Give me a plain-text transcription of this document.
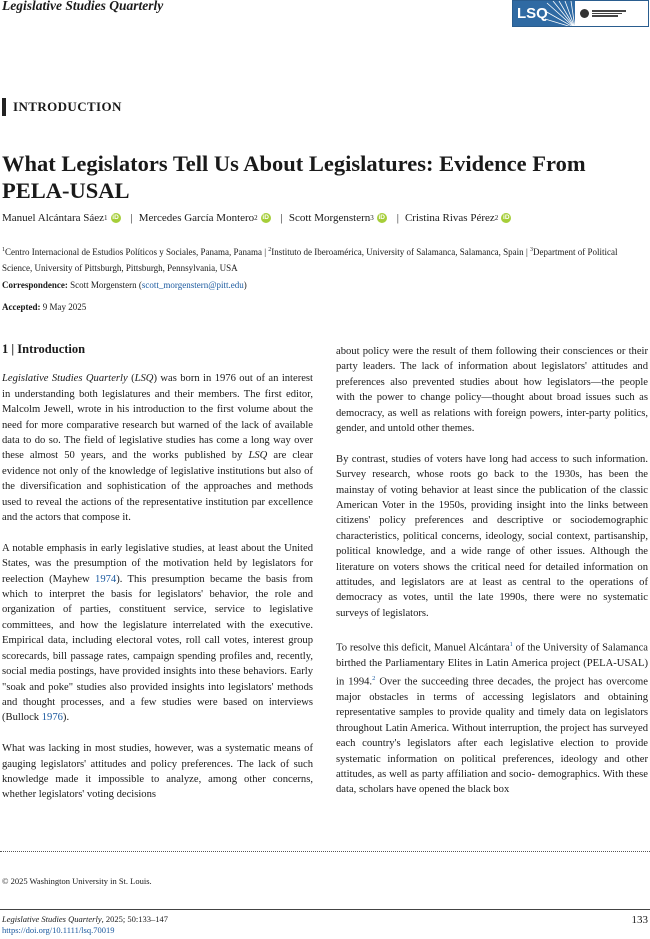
Legislative Studies Quarterly	LSQ
INTRODUCTION
What Legislators Tell Us About Legislatures: Evidence From PELA-USAL
Manuel Alcántara Sáez 1 iD | Mercedes García Montero 2 iD | Scott Morgenstern 3 iD | Cristina Rivas Pérez 2 iD
$^1$Centro Internacional de Estudios Políticos y Sociales, Panama, Panama | $^2$Instituto de Iberoamérica, University of Salamanca, Salamanca, Spain | $^3$Department of Political Science, University of Pittsburgh, Pittsburgh, Pennsylvania, USA
Correspondence: Scott Morgenstern (scott_morgenstern@pitt.edu)
Accepted: 9 May 2025
1 | Introduction

Legislative Studies Quarterly (LSQ) was born in 1976 out of an interest in understanding both legislatures and their members. The first editor, Malcolm Jewell, wrote in his introduction to the first volume about the need for more comparative research but warned of the lack of available data to do so. The field of legislative studies has come a long way over these almost 50 years, and the works published by LSQ are clear evidence not only of the knowledge of legislative institutions but also of the diversification and sophistication of the approaches and methods used to reveal the actions of the representative institution par excellence and the actors that compose it.

A notable emphasis in early legislative studies, at least about the United States, was the presumption of the motivation held by legislators for reelection (Mayhew 1974). This presumption became the basis from which to interpret the basis for legislators' behavior, the role and organization of parties, constituent service, service to legislative committees, and how the legislature interrelated with the executive. Empirical data, including electoral votes, roll call votes, interest group scorecards, bill passage rates, campaign spending profiles and, recently, social media postings, have provided insights into these behaviors. Early "soak and poke" studies also provided insights into legislators' methods and thought processes, and a few studies were based on interviews (Bullock 1976).

What was lacking in most studies, however, was a systematic means of gauging legislators' attitudes and policy preferences. The lack of such knowledge made it impossible to analyze, among other concerns, whether legislators' voting decisions

about policy were the result of them following their consciences or their party leaders. The lack of information about legislators' attitudes and preferences also prevented studies about how legislators—the people with the power to change policy—thought about broad issues such as democracy, as well as relations with foreign powers, inter-party politics, gender, and untold other themes.

By contrast, studies of voters have long had access to such information. Survey research, whose roots go back to the 1930s, has been the mainstay of voting behavior at least since the publication of the classic American Voter in the 1950s, providing insight into the links between citizens' policy preferences and descriptive or sociodemographic characteristics, political concerns, ideology, social context, partisanship, political knowledge, and a wide range of other issues. Although the literature on voters shows the critical need for detailed information on attitudes, and legislators are at least as central to the operations of democracy as votes, until the late 1990s, there were no systematic surveys of legislators.

To resolve this deficit, Manuel Alcántara$^1$ of the University of Salamanca birthed the Parliamentary Elites in Latin America project (PELA-USAL) in 1994.$^2$ Over the succeeding three decades, the project has overcome major obstacles in terms of accessing legislators and obtaining representative samples to provide quality and timely data on legislators throughout Latin America. Without interruption, the project has surveyed each country's legislators after each legislative election to provide systematic information on political preferences, ideology and other attitudes, as well as party affiliation and socio- demographics. With these data, scholars have opened the black box

© 2025 Washington University in St. Louis.
Legislative Studies Quarterly, 2025; 50:133–147
https://doi.org/10.1111/lsq.70019
133
